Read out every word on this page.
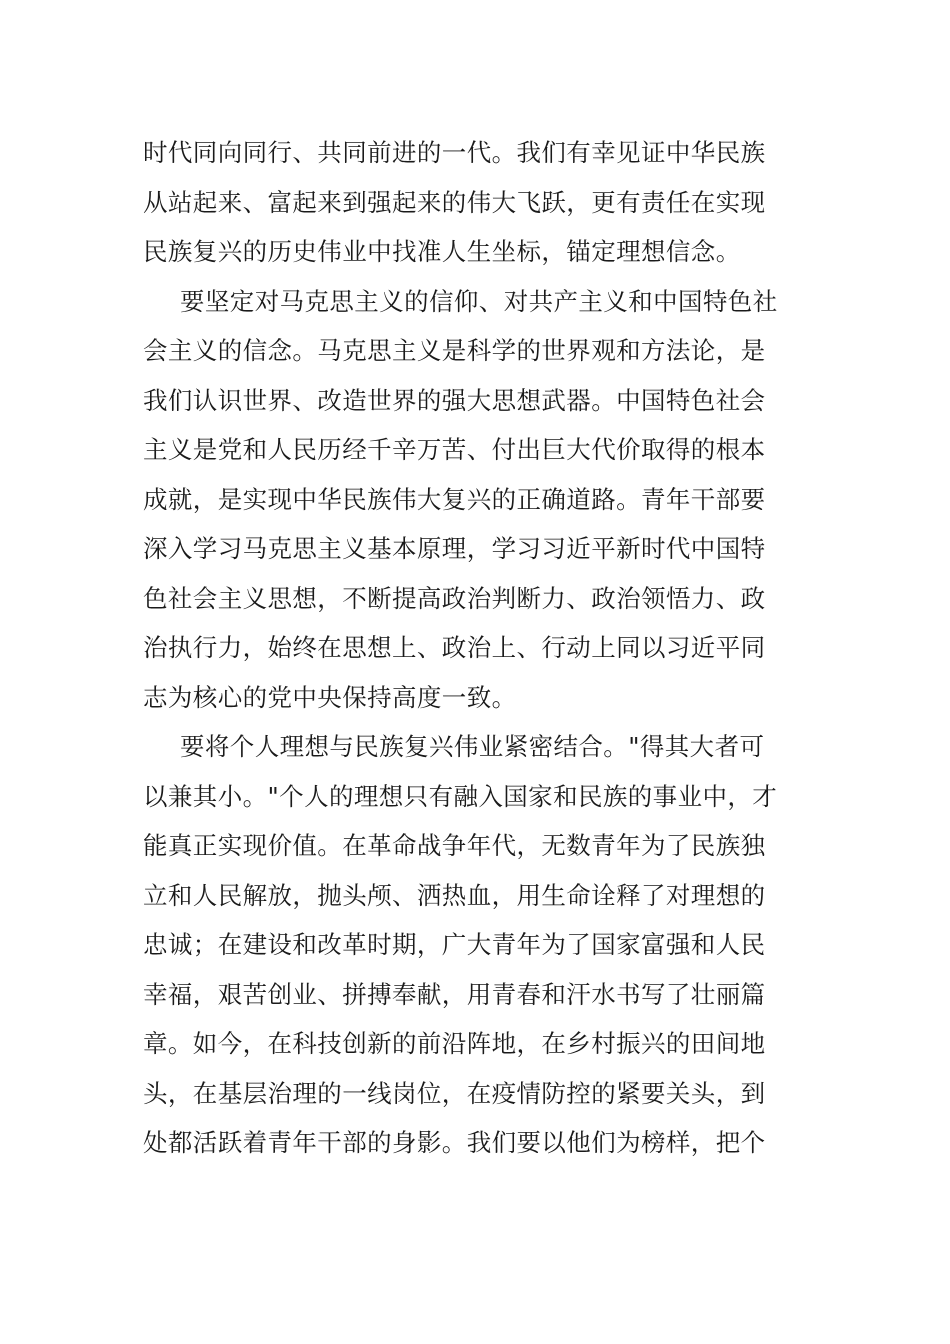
时代同向同行、共同前进的一代。我们有幸见证中华民族
从站起来、富起来到强起来的伟大飞跃，更有责任在实现
民族复兴的历史伟业中找准人生坐标，锚定理想信念。
要坚定对马克思主义的信仰、对共产主义和中国特色社
会主义的信念。马克思主义是科学的世界观和方法论，是
我们认识世界、改造世界的强大思想武器。中国特色社会
主义是党和人民历经千辛万苦、付出巨大代价取得的根本
成就，是实现中华民族伟大复兴的正确道路。青年干部要
深入学习马克思主义基本原理，学习习近平新时代中国特
色社会主义思想，不断提高政治判断力、政治领悟力、政
治执行力，始终在思想上、政治上、行动上同以习近平同
志为核心的党中央保持高度一致。
要将个人理想与民族复兴伟业紧密结合。"得其大者可
以兼其小。"个人的理想只有融入国家和民族的事业中，才
能真正实现价值。在革命战争年代，无数青年为了民族独
立和人民解放，抛头颅、洒热血，用生命诠释了对理想的
忠诚；在建设和改革时期，广大青年为了国家富强和人民
幸福，艰苦创业、拼搏奉献，用青春和汗水书写了壮丽篇
章。如今，在科技创新的前沿阵地，在乡村振兴的田间地
头，在基层治理的一线岗位，在疫情防控的紧要关头，到
处都活跃着青年干部的身影。我们要以他们为榜样，把个
